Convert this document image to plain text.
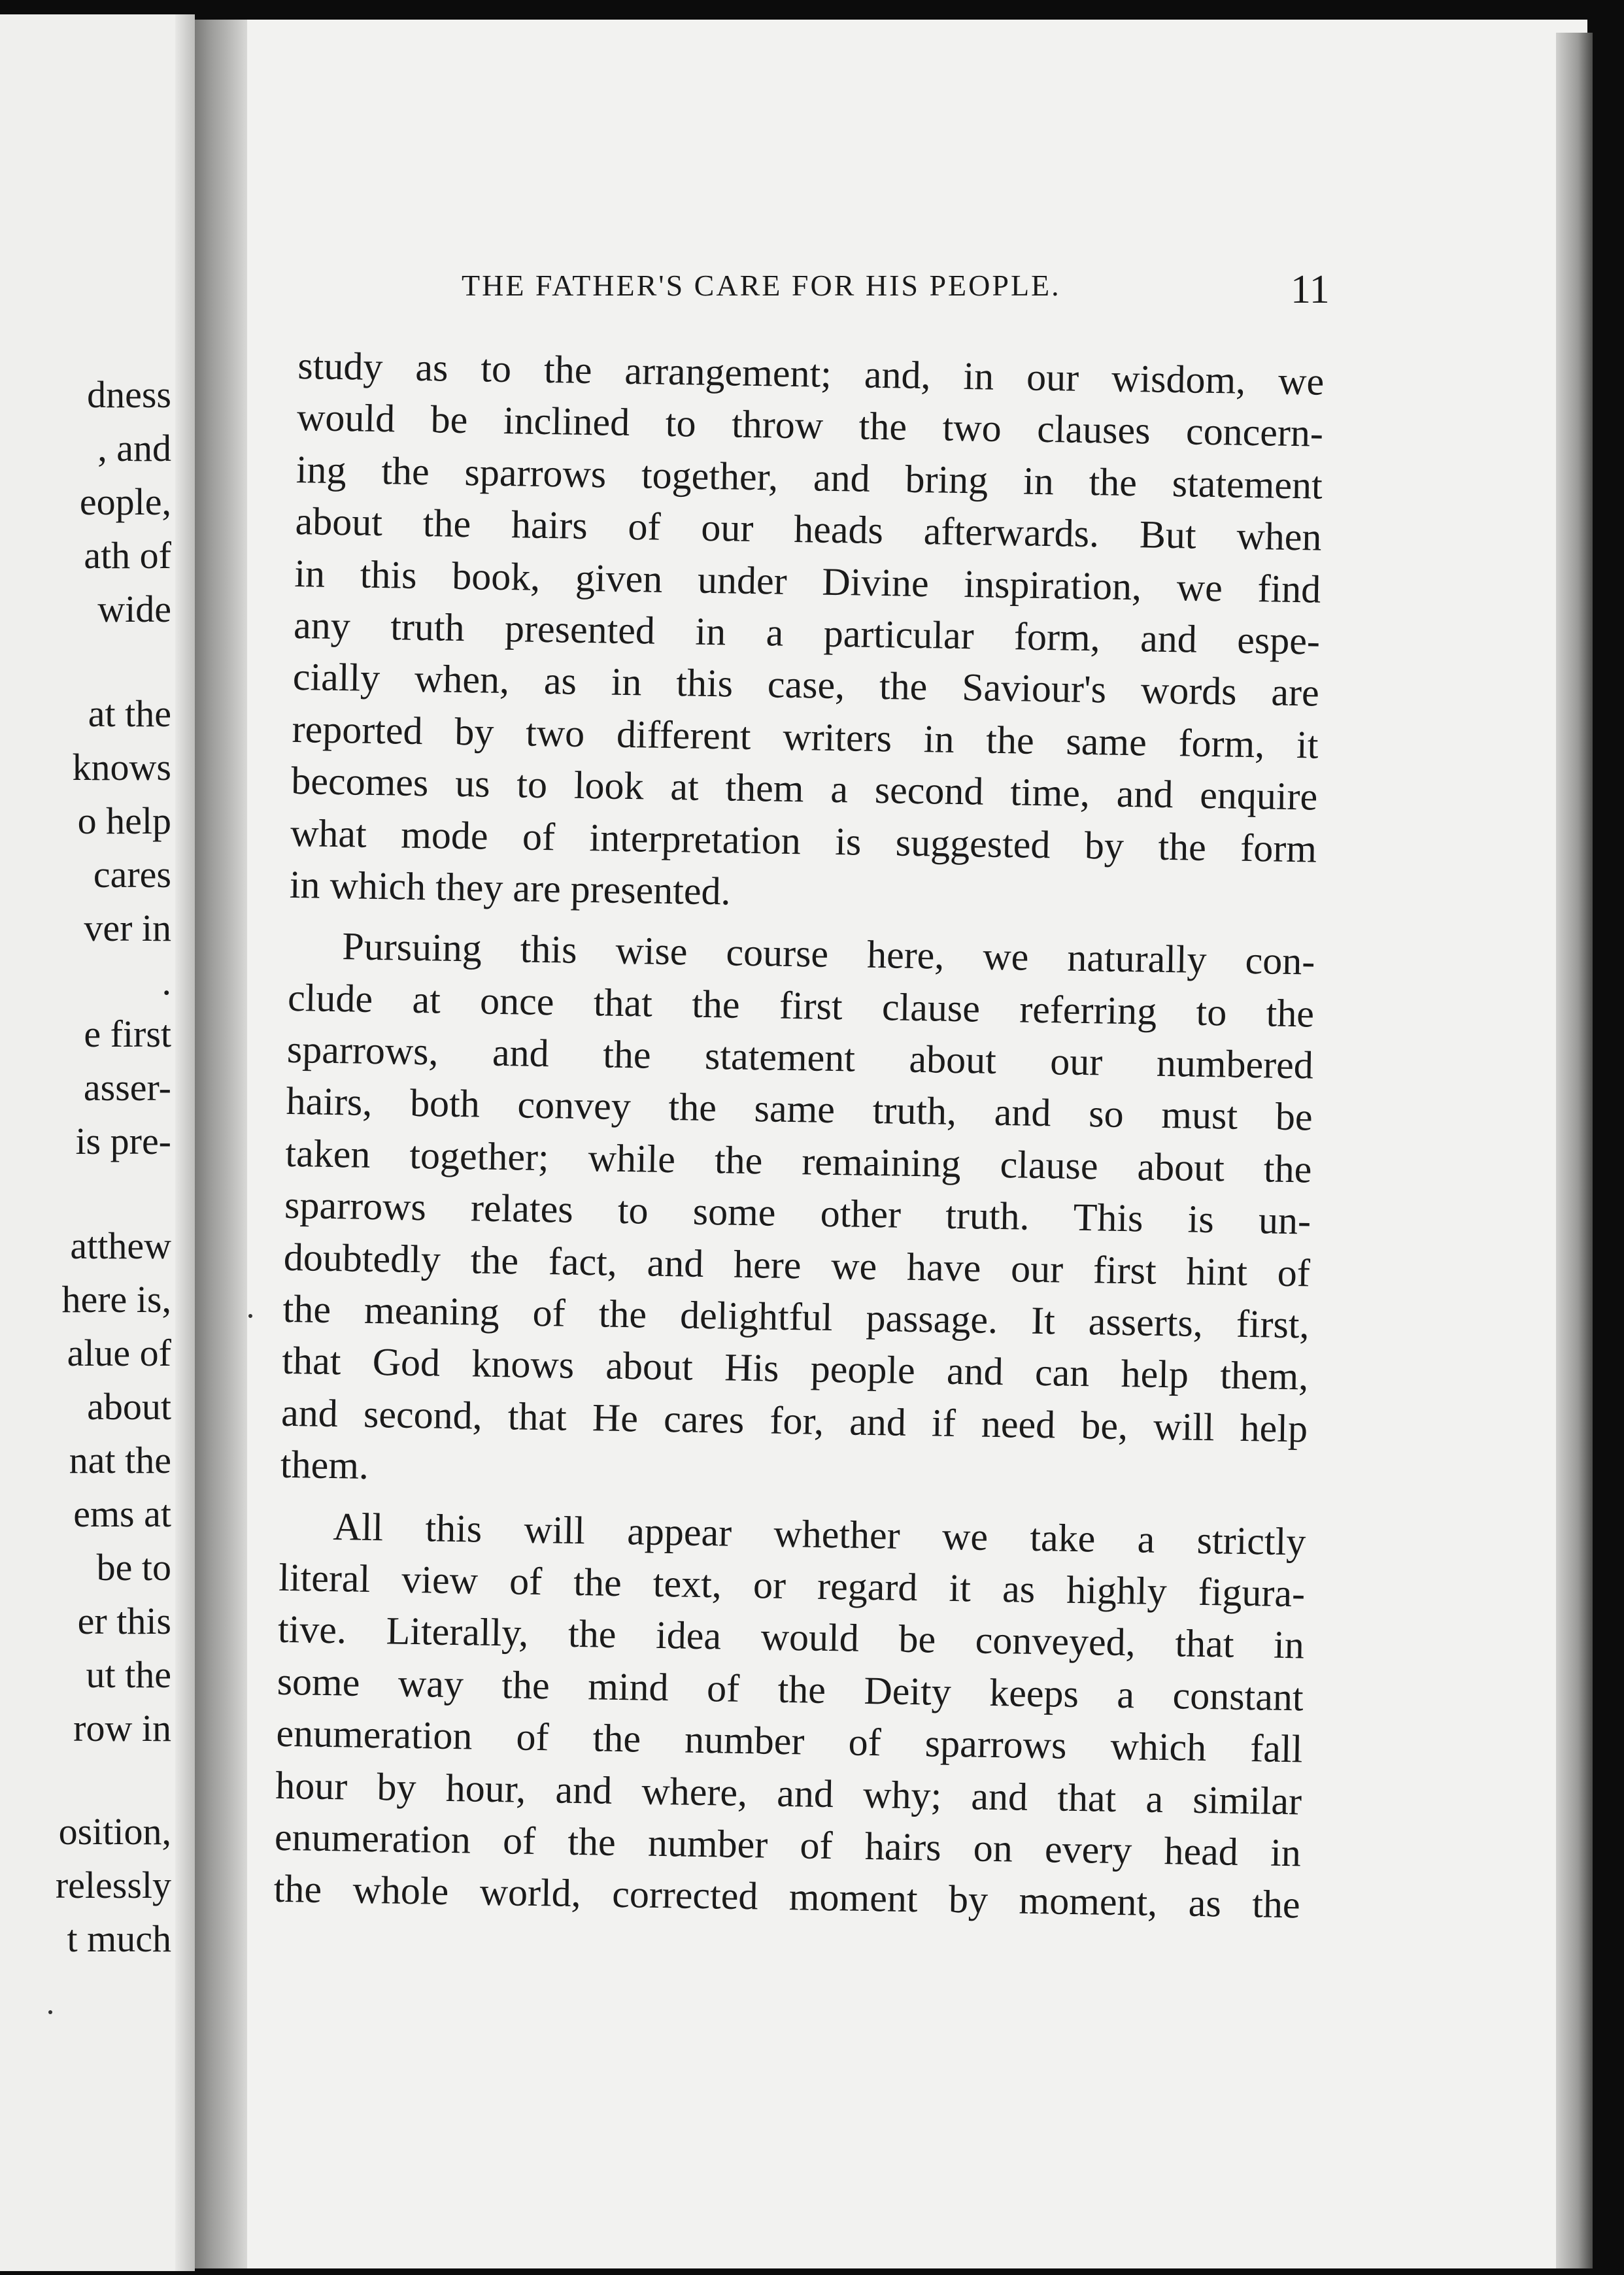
dness
, and
eople,
ath of
wide
at the
knows
o help
cares
ver in
.
e first
asser-
is pre-
atthew
here is,
alue of
about
nat the
ems at
be to
er this
ut the
row in
osition,
relessly
t much
THE FATHER'S CARE FOR HIS PEOPLE.	11
study as to the arrangement; and, in our wisdom, we
would be inclined to throw the two clauses concern-
ing the sparrows together, and bring in the statement
about the hairs of our heads afterwards. But when
in this book, given under Divine inspiration, we find
any truth presented in a particular form, and espe-
cially when, as in this case, the Saviour's words are
reported by two different writers in the same form, it
becomes us to look at them a second time, and enquire
what mode of interpretation is suggested by the form
in which they are presented.
Pursuing this wise course here, we naturally con-
clude at once that the first clause referring to the
sparrows, and the statement about our numbered
hairs, both convey the same truth, and so must be
taken together; while the remaining clause about the
sparrows relates to some other truth. This is un-
doubtedly the fact, and here we have our first hint of
the meaning of the delightful passage. It asserts, first,
that God knows about His people and can help them,
and second, that He cares for, and if need be, will help
them.
All this will appear whether we take a strictly
literal view of the text, or regard it as highly figura-
tive. Literally, the idea would be conveyed, that in
some way the mind of the Deity keeps a constant
enumeration of the number of sparrows which fall
hour by hour, and where, and why; and that a similar
enumeration of the number of hairs on every head in
the whole world, corrected moment by moment, as the
